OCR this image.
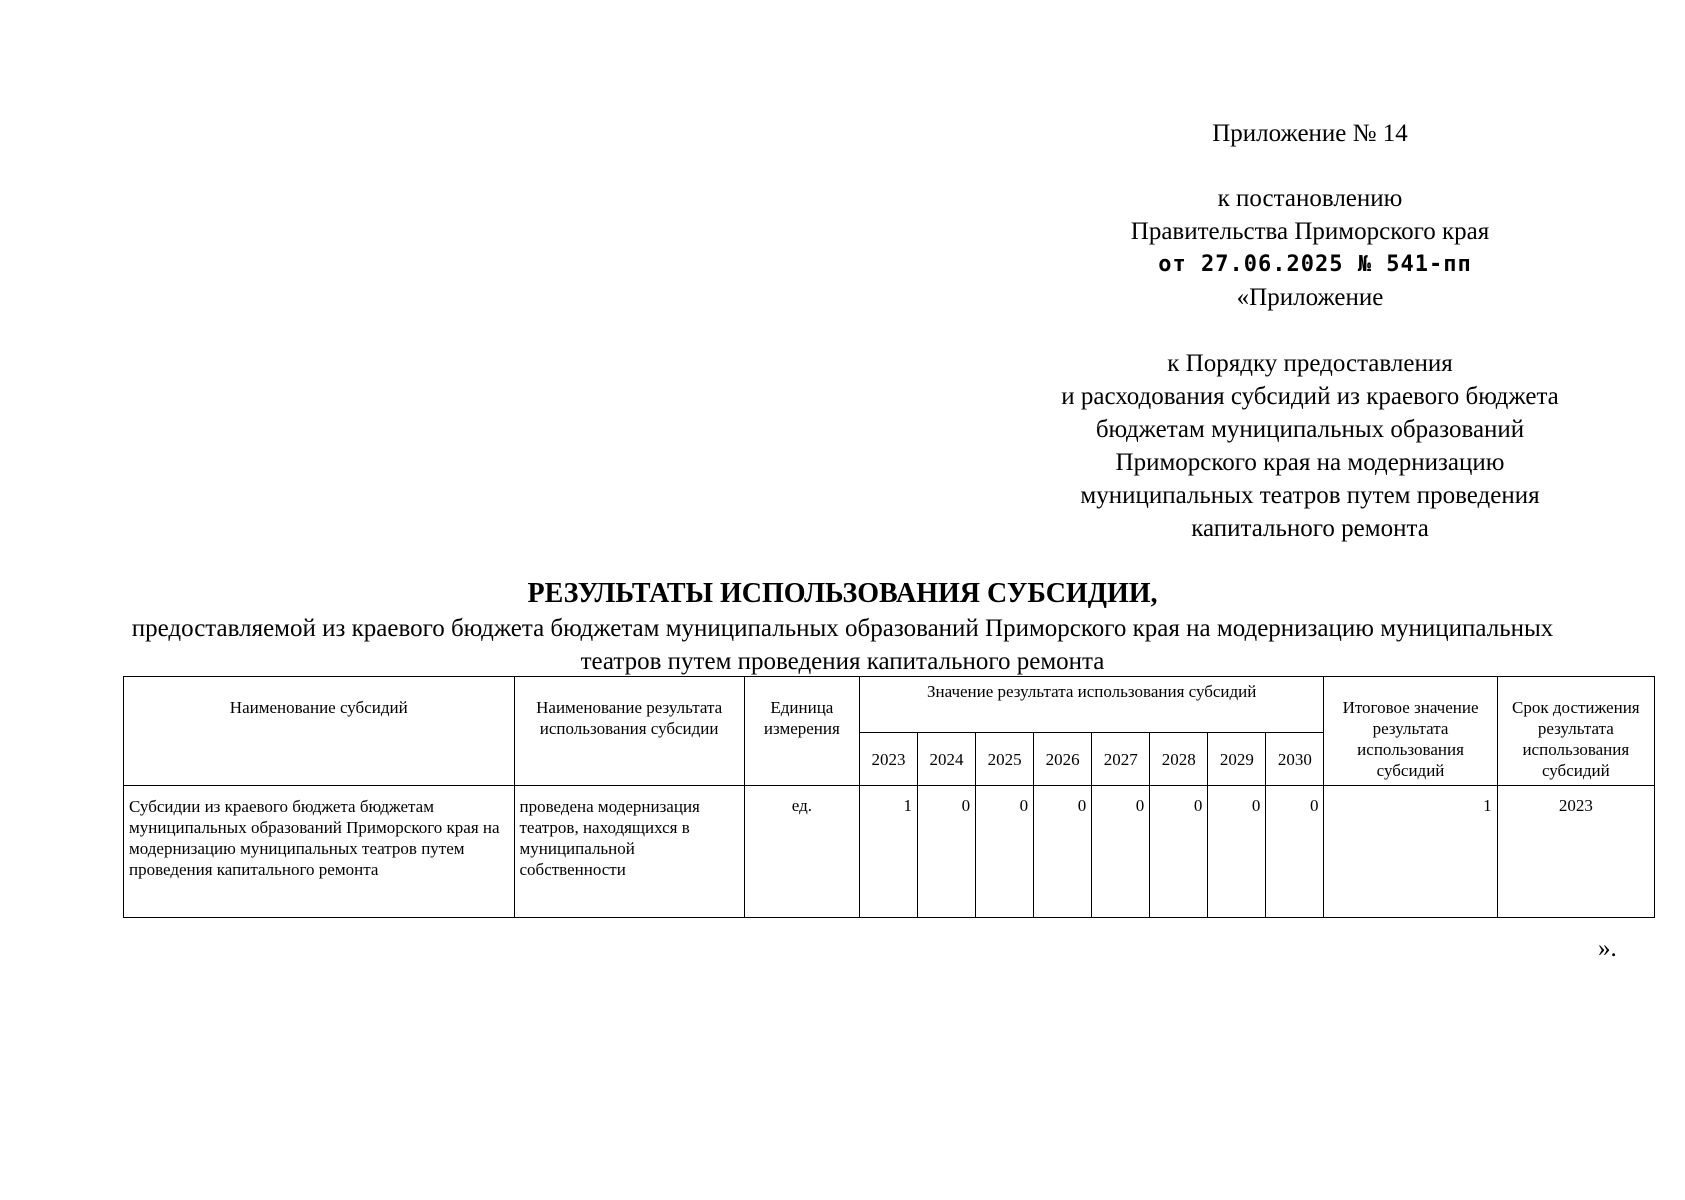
Приложение № 14
к постановлению
Правительства Приморского края
от 27.06.2025 № 541-пп
«Приложение
к Порядку предоставления
и расходования субсидий из краевого бюджета
бюджетам муниципальных образований
Приморского края на модернизацию
муниципальных театров путем проведения
капитального ремонта
РЕЗУЛЬТАТЫ ИСПОЛЬЗОВАНИЯ СУБСИДИИ,
предоставляемой из краевого бюджета бюджетам муниципальных образований Приморского края на модернизацию муниципальных театров путем проведения капитального ремонта
Наименование субсидий	Наименование результата использования субсидии	Единица измерения	Значение результата использования субсидий								Итоговое значение результата использования субсидий	Срок достижения результата использования субсидий
			2023	2024	2025	2026	2027	2028	2029	2030		
Субсидии из краевого бюджета бюджетам муниципальных образований Приморского края на модернизацию муниципальных театров путем проведения капитального ремонта	проведена модернизация театров, находящихся в муниципальной собственности	ед.	1	0	0	0	0	0	0	0	1	2023
».
